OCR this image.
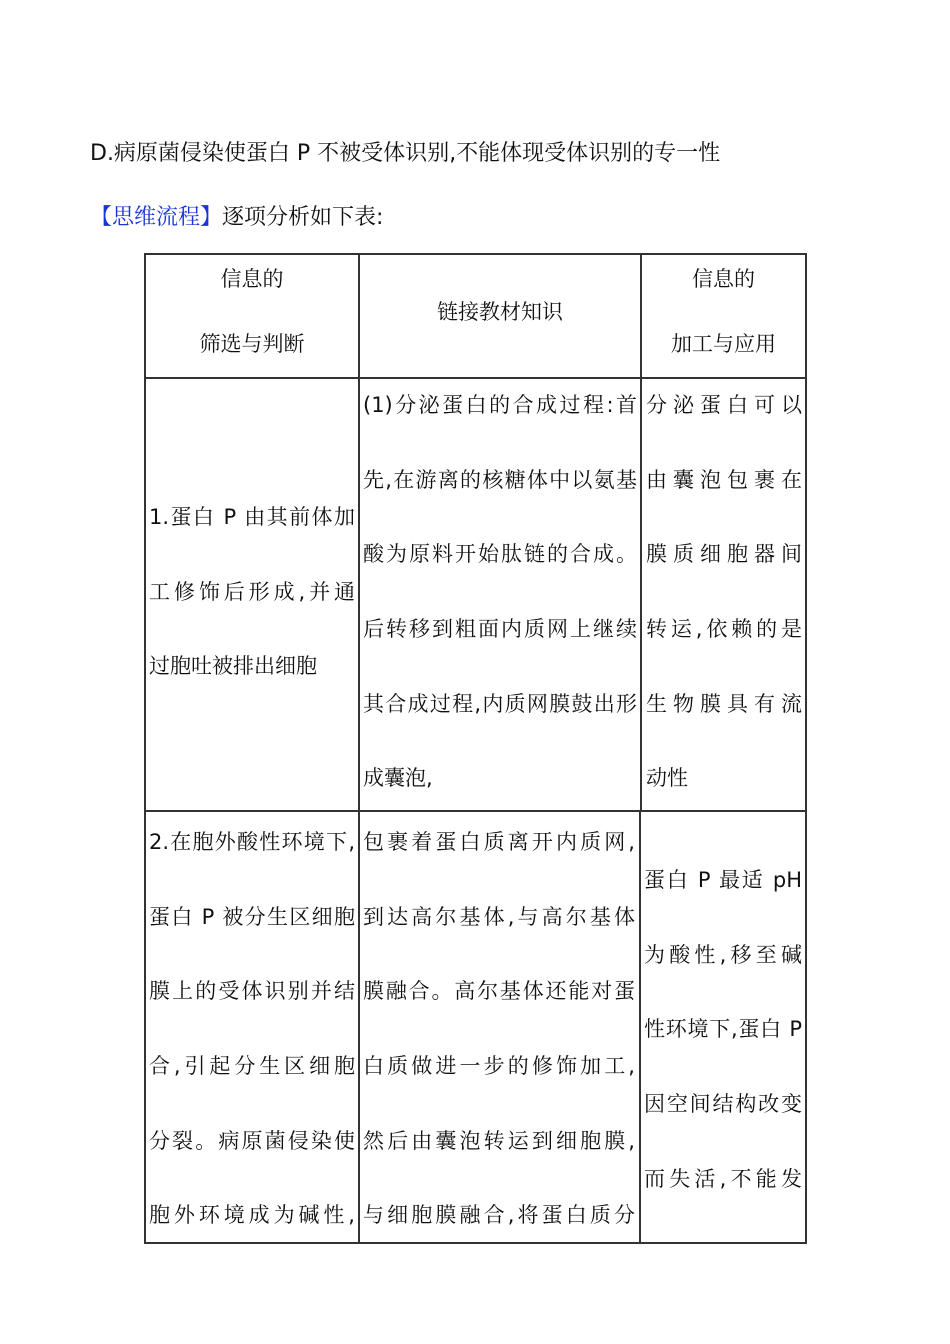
D.病原菌侵染使蛋白 P 不被受体识别,不能体现受体识别的专一性
【思维流程】逐项分析如下表:
信息的
筛选与判断
链接教材知识
信息的
加工与应用
1.蛋白 P 由其前体加
工修饰后形成,并通
过胞吐被排出细胞
(1)分泌蛋白的合成过程:首
先,在游离的核糖体中以氨基
酸为原料开始肽链的合成。
后转移到粗面内质网上继续
其合成过程,内质网膜鼓出形
成囊泡,
分泌蛋白可以
由囊泡包裹在
膜质细胞器间
转运,依赖的是
生物膜具有流
动性
2.在胞外酸性环境下,
蛋白 P 被分生区细胞
膜上的受体识别并结
合,引起分生区细胞
分裂。病原菌侵染使
胞外环境成为碱性,
包裹着蛋白质离开内质网,
到达高尔基体,与高尔基体
膜融合。高尔基体还能对蛋
白质做进一步的修饰加工,
然后由囊泡转运到细胞膜,
与细胞膜融合,将蛋白质分
蛋白 P 最适 pH
为酸性,移至碱
性环境下,蛋白 P
因空间结构改变
而失活,不能发
